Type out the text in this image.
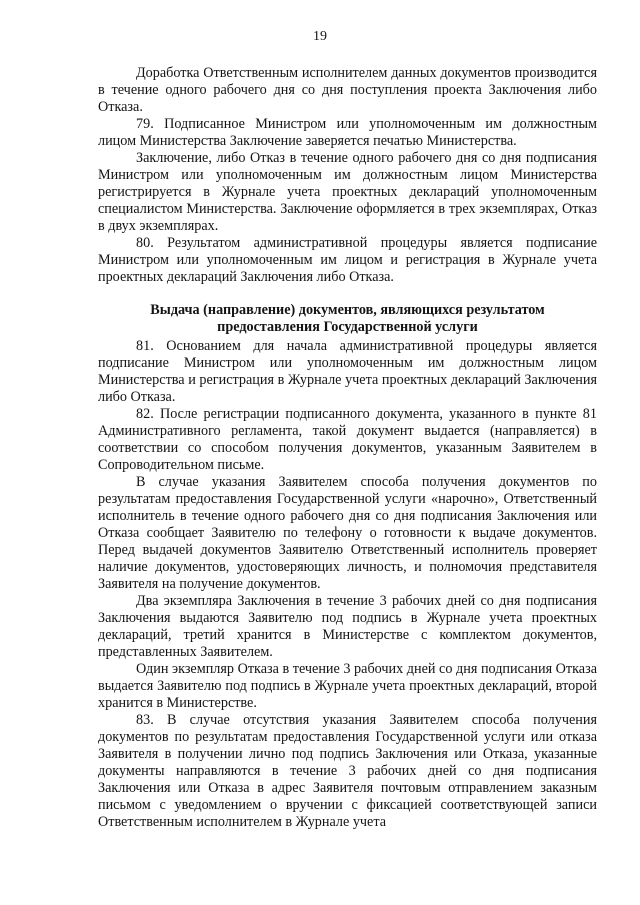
19

Доработка Ответственным исполнителем данных документов производится в течение одного рабочего дня со дня поступления проекта Заключения либо Отказа.

79. Подписанное Министром или уполномоченным им должностным лицом Министерства Заключение заверяется печатью Министерства.

Заключение, либо Отказ в течение одного рабочего дня со дня подписания Министром или уполномоченным им должностным лицом Министерства регистрируется в Журнале учета проектных деклараций уполномоченным специалистом Министерства. Заключение оформляется в трех экземплярах, Отказ в двух экземплярах.

80. Результатом административной процедуры является подписание Министром или уполномоченным им лицом и регистрация в Журнале учета проектных деклараций Заключения либо Отказа.

Выдача (направление) документов, являющихся результатом предоставления Государственной услуги

81. Основанием для начала административной процедуры является подписание Министром или уполномоченным им должностным лицом Министерства и регистрация в Журнале учета проектных деклараций Заключения либо Отказа.

82. После регистрации подписанного документа, указанного в пункте 81 Административного регламента, такой документ выдается (направляется) в соответствии со способом получения документов, указанным Заявителем в Сопроводительном письме.

В случае указания Заявителем способа получения документов по результатам предоставления Государственной услуги «нарочно», Ответственный исполнитель в течение одного рабочего дня со дня подписания Заключения или Отказа сообщает Заявителю по телефону о готовности к выдаче документов. Перед выдачей документов Заявителю Ответственный исполнитель проверяет наличие документов, удостоверяющих личность, и полномочия представителя Заявителя на получение документов.

Два экземпляра Заключения в течение 3 рабочих дней со дня подписания Заключения выдаются Заявителю под подпись в Журнале учета проектных деклараций, третий хранится в Министерстве с комплектом документов, представленных Заявителем.

Один экземпляр Отказа в течение 3 рабочих дней со дня подписания Отказа выдается Заявителю под подпись в Журнале учета проектных деклараций, второй хранится в Министерстве.

83. В случае отсутствия указания Заявителем способа получения документов по результатам предоставления Государственной услуги или отказа Заявителя в получении лично под подпись Заключения или Отказа, указанные документы направляются в течение 3 рабочих дней со дня подписания Заключения или Отказа в адрес Заявителя почтовым отправлением заказным письмом с уведомлением о вручении с фиксацией соответствующей записи Ответственным исполнителем в Журнале учета
